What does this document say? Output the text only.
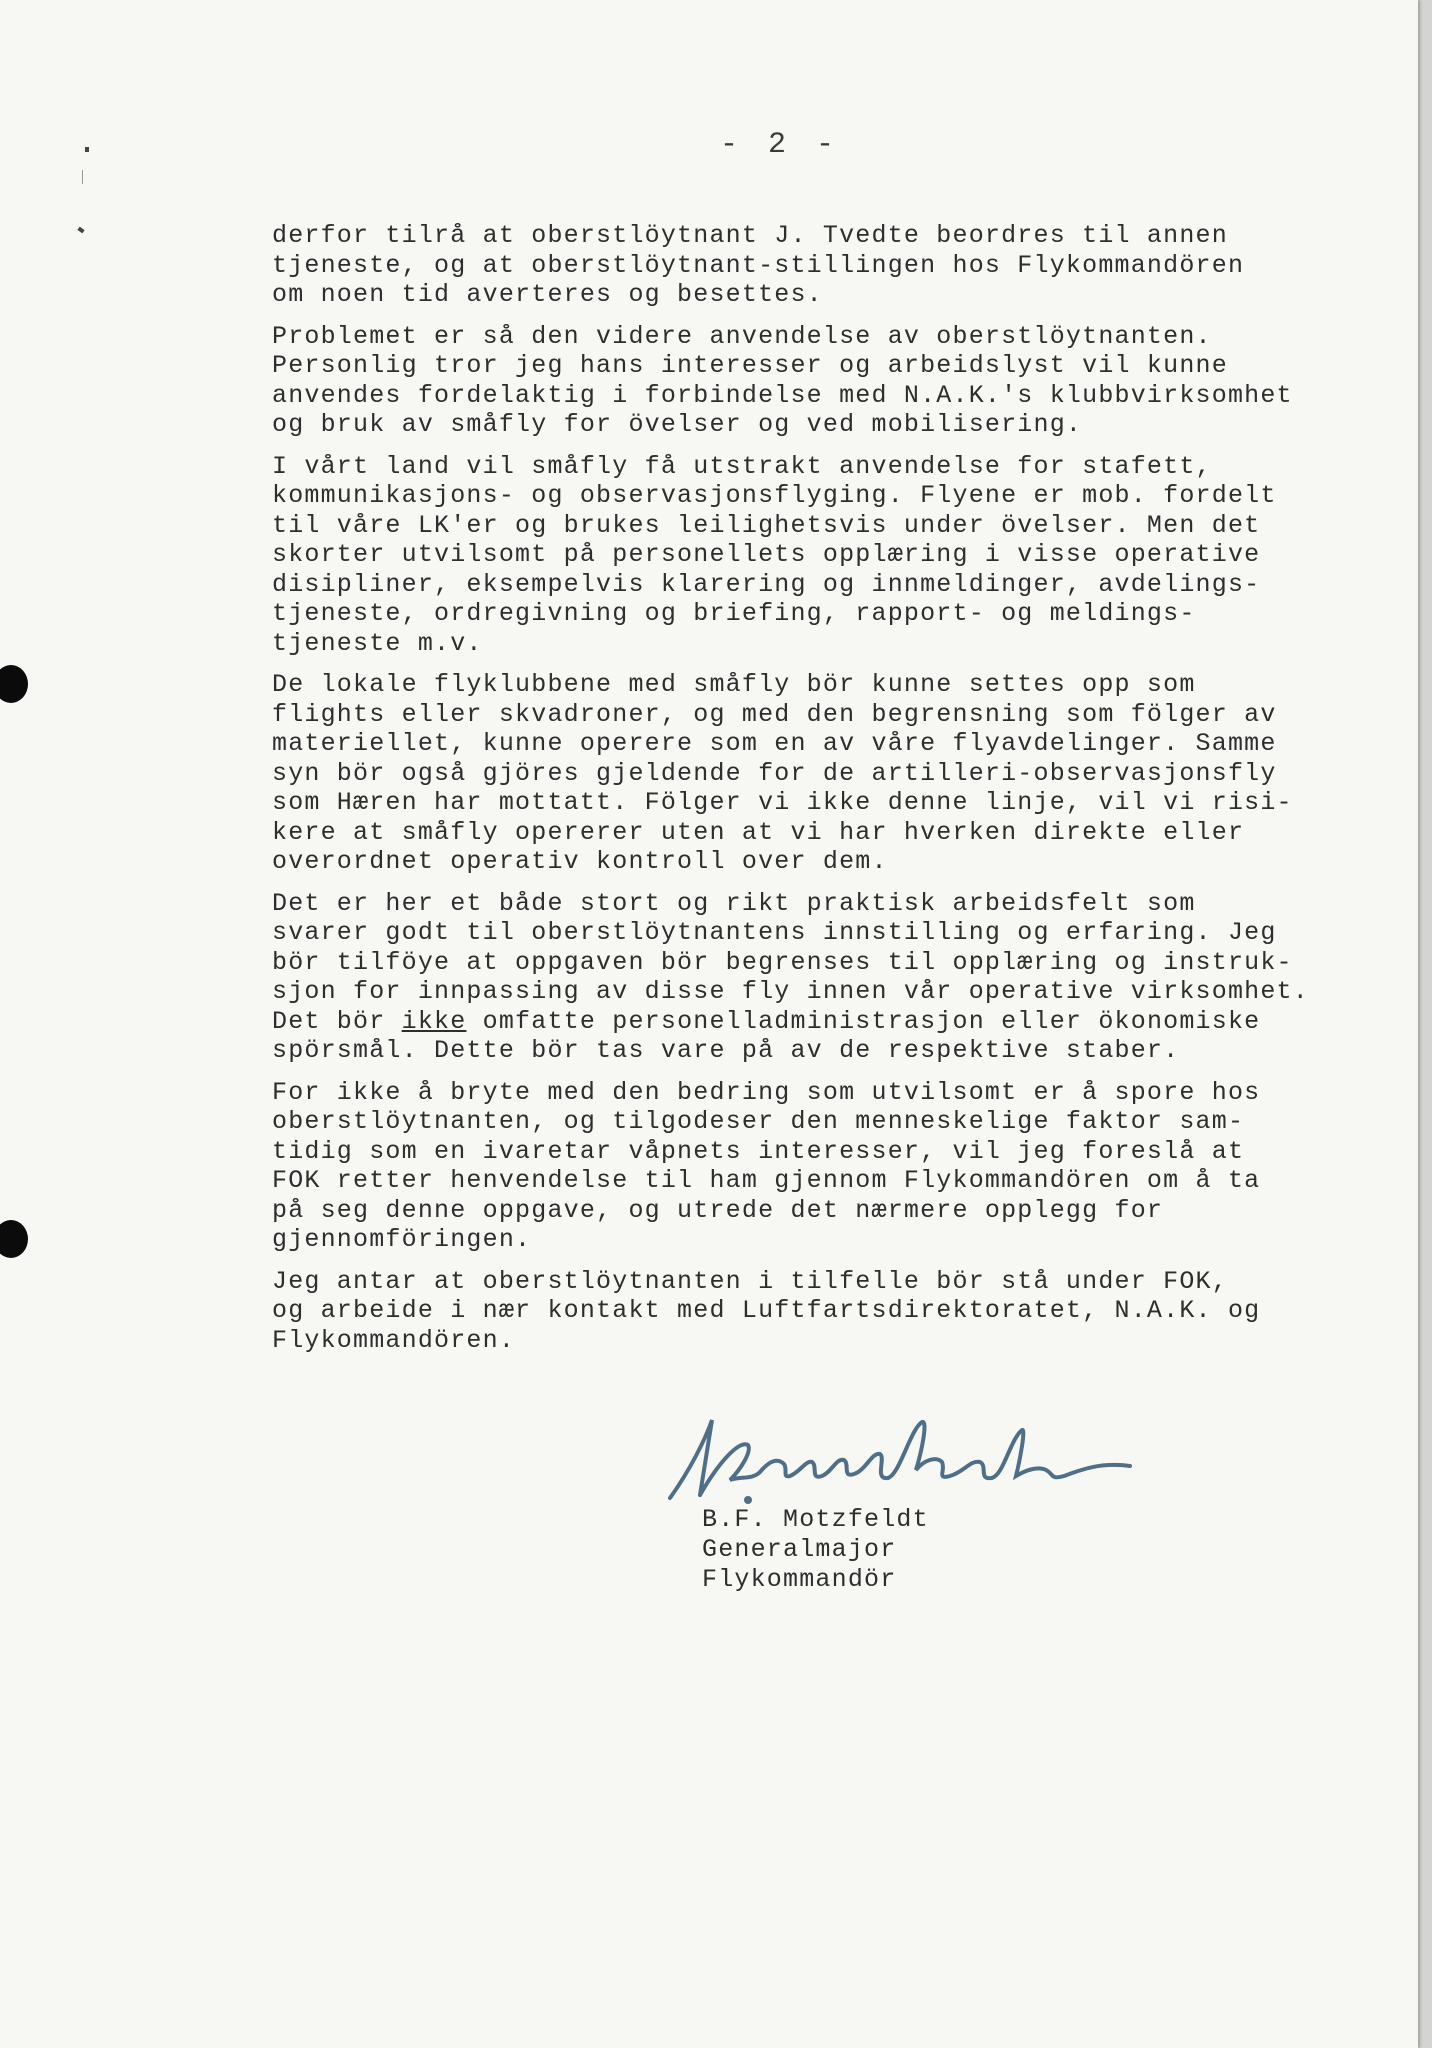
- 2 -
derfor tilrå at oberstlöytnant J. Tvedte beordres til annen
tjeneste, og at oberstlöytnant-stillingen hos Flykommandören
om noen tid averteres og besettes.
Problemet er så den videre anvendelse av oberstlöytnanten.
Personlig tror jeg hans interesser og arbeidslyst vil kunne
anvendes fordelaktig i forbindelse med N.A.K.'s klubbvirksomhet
og bruk av småfly for övelser og ved mobilisering.
I vårt land vil småfly få utstrakt anvendelse for stafett,
kommunikasjons- og observasjonsflyging. Flyene er mob. fordelt
til våre LK'er og brukes leilighetsvis under övelser. Men det
skorter utvilsomt på personellets opplæring i visse operative
disipliner, eksempelvis klarering og innmeldinger, avdelings-
tjeneste, ordregivning og briefing, rapport- og meldings-
tjeneste m.v.
De lokale flyklubbene med småfly bör kunne settes opp som
flights eller skvadroner, og med den begrensning som fölger av
materiellet, kunne operere som en av våre flyavdelinger. Samme
syn bör også gjöres gjeldende for de artilleri-observasjonsfly
som Hæren har mottatt. Fölger vi ikke denne linje, vil vi risi-
kere at småfly opererer uten at vi har hverken direkte eller
overordnet operativ kontroll over dem.
Det er her et både stort og rikt praktisk arbeidsfelt som
svarer godt til oberstlöytnantens innstilling og erfaring. Jeg
bör tilföye at oppgaven bör begrenses til opplæring og instruk-
sjon for innpassing av disse fly innen vår operative virksomhet.
Det bör ikke omfatte personelladministrasjon eller ökonomiske
spörsmål. Dette bör tas vare på av de respektive staber.
For ikke å bryte med den bedring som utvilsomt er å spore hos
oberstlöytnanten, og tilgodeser den menneskelige faktor sam-
tidig som en ivaretar våpnets interesser, vil jeg foreslå at
FOK retter henvendelse til ham gjennom Flykommandören om å ta
på seg denne oppgave, og utrede det nærmere opplegg for
gjennomföringen.
Jeg antar at oberstlöytnanten i tilfelle bör stå under FOK,
og arbeide i nær kontakt med Luftfartsdirektoratet, N.A.K. og
Flykommandören.
B.F. Motzfeldt
Generalmajor
Flykommandör
